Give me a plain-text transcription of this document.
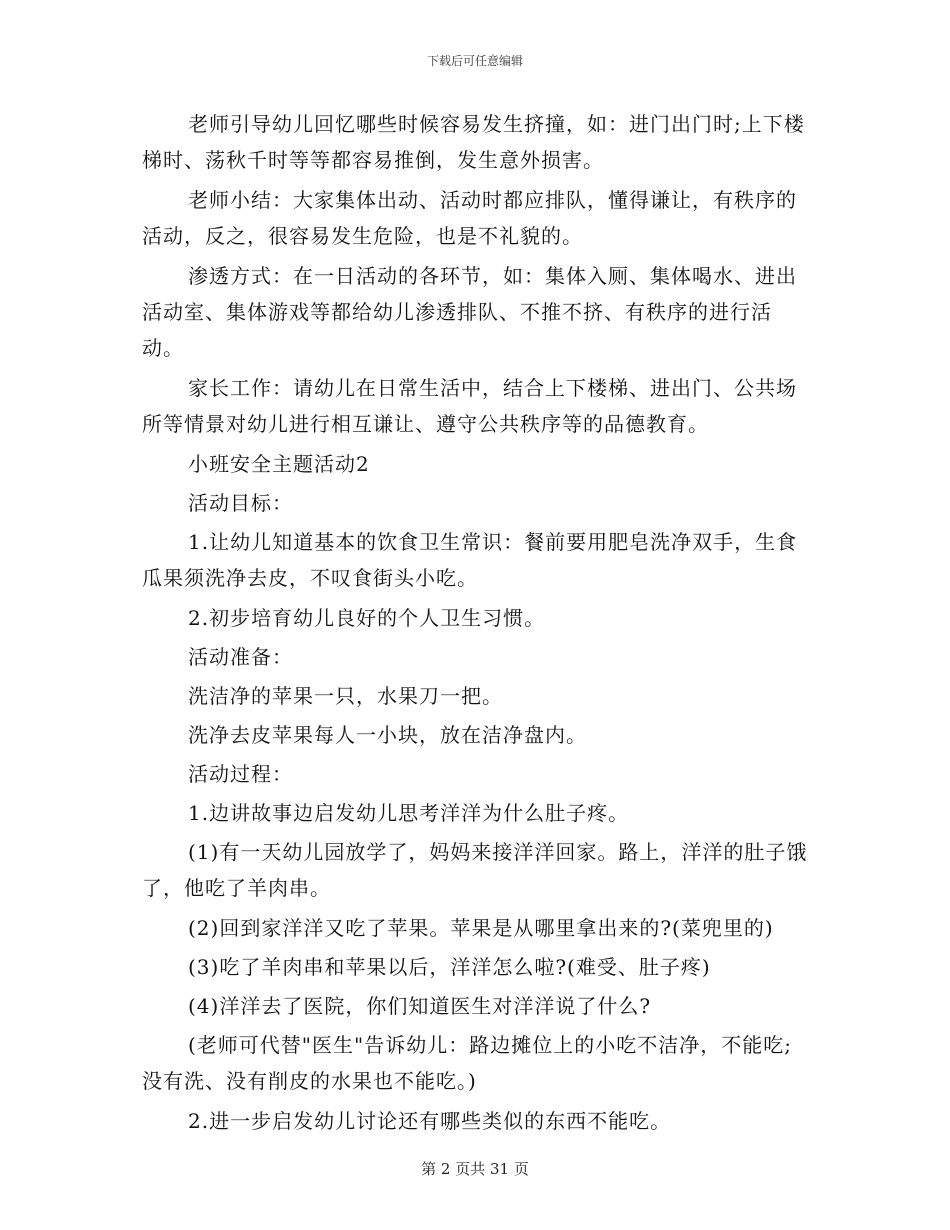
下载后可任意编辑

老师引导幼儿回忆哪些时候容易发生挤撞，如：进门出门时;上下楼梯时、荡秋千时等等都容易推倒，发生意外损害。

老师小结：大家集体出动、活动时都应排队，懂得谦让，有秩序的活动，反之，很容易发生危险，也是不礼貌的。

渗透方式：在一日活动的各环节，如：集体入厕、集体喝水、进出活动室、集体游戏等都给幼儿渗透排队、不推不挤、有秩序的进行活动。

家长工作：请幼儿在日常生活中，结合上下楼梯、进出门、公共场所等情景对幼儿进行相互谦让、遵守公共秩序等的品德教育。

小班安全主题活动2

活动目标：

1.让幼儿知道基本的饮食卫生常识：餐前要用肥皂洗净双手，生食瓜果须洗净去皮，不叹食街头小吃。

2.初步培育幼儿良好的个人卫生习惯。

活动准备：

洗洁净的苹果一只，水果刀一把。

洗净去皮苹果每人一小块，放在洁净盘内。

活动过程：

1.边讲故事边启发幼儿思考洋洋为什么肚子疼。

(1)有一天幼儿园放学了，妈妈来接洋洋回家。路上，洋洋的肚子饿了，他吃了羊肉串。

(2)回到家洋洋又吃了苹果。苹果是从哪里拿出来的?(菜兜里的)

(3)吃了羊肉串和苹果以后，洋洋怎么啦?(难受、肚子疼)

(4)洋洋去了医院，你们知道医生对洋洋说了什么?

(老师可代替"医生"告诉幼儿：路边摊位上的小吃不洁净，不能吃;没有洗、没有削皮的水果也不能吃。)

2.进一步启发幼儿讨论还有哪些类似的东西不能吃。

第 2 页共 31 页
